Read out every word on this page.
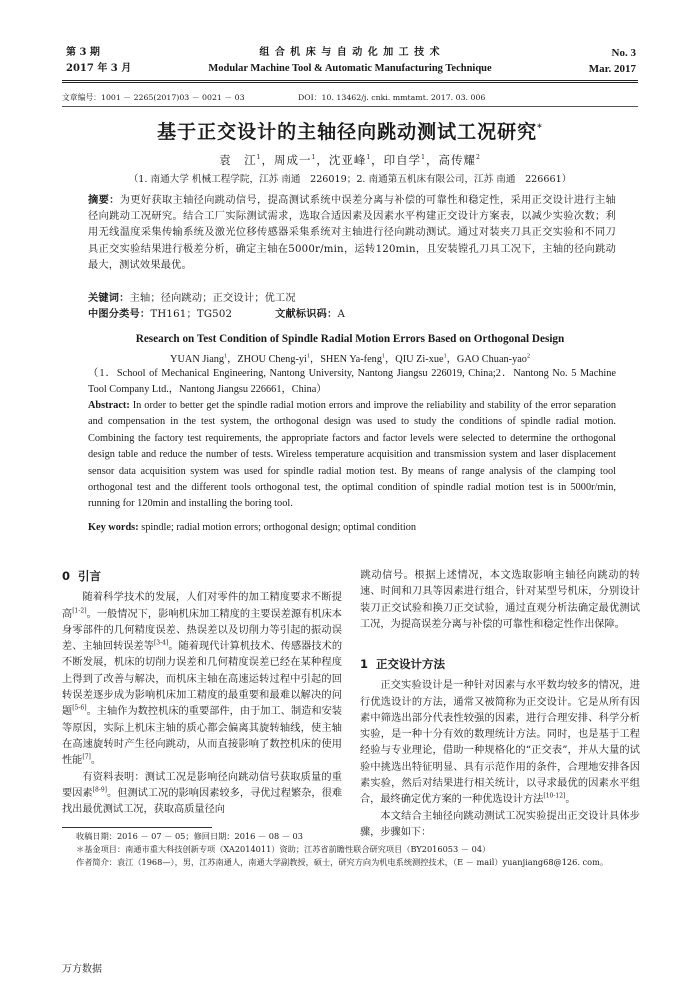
第 3 期
2017 年 3 月
组 合 机 床 与 自 动 化 加 工 技 术
Modular Machine Tool & Automatic Manufacturing Technique
No. 3
Mar. 2017
文章编号：1001 － 2265(2017)03 － 0021 － 03	DOI：10. 13462/j. cnki. mmtamt. 2017. 03. 006
基于正交设计的主轴径向跳动测试工况研究*
袁　江$^1$，周成一$^1$，沈亚峰$^1$，印自学$^1$，高传耀$^2$
（1. 南通大学 机械工程学院，江苏 南通　226019；2. 南通第五机床有限公司，江苏 南通　226661）
摘要：为更好获取主轴径向跳动信号，提高测试系统中误差分离与补偿的可靠性和稳定性，采用正交设计进行主轴径向跳动工况研究。结合工厂实际测试需求，选取合适因素及因素水平构建正交设计方案表，以减少实验次数；利用无线温度采集传输系统及激光位移传感器采集系统对主轴进行径向跳动测试。通过对装夹刀具正交实验和不同刀具正交实验结果进行极差分析，确定主轴在5000r/min，运转120min，且安装镗孔刀具工况下，主轴的径向跳动最大，测试效果最优。
关键词：主轴；径向跳动；正交设计；优工况
中图分类号：TH161；TG502	文献标识码：A
Research on Test Condition of Spindle Radial Motion Errors Based on Orthogonal Design
YUAN Jiang$^1$，ZHOU Cheng-$yi^1$，SHEN Ya-feng$^1$，QIU Zi-xue$^1$，GAO Chuan-yao$^2$
（1．School of Mechanical Engineering, Nantong University, Nantong Jiangsu 226019, China;2．Nantong No. 5 Machine Tool Company Ltd.，Nantong Jiangsu 226661，China）
Abstract: In order to better get the spindle radial motion errors and improve the reliability and stability of the error separation and compensation in the test system, the orthogonal design was used to study the conditions of spindle radial motion. Combining the factory test requirements, the appropriate factors and factor levels were selected to determine the orthogonal design table and reduce the number of tests. Wireless temperature acquisition and transmission system and laser displacement sensor data acquisition system was used for spindle radial motion test. By means of range analysis of the clamping tool orthogonal test and the different tools orthogonal test, the optimal condition of spindle radial motion test is in 5000r/min, running for 120min and installing the boring tool.
Key words: spindle; radial motion errors; orthogonal design; optimal condition
0 引言

随着科学技术的发展，人们对零件的加工精度要求不断提高[1-2]。一般情况下，影响机床加工精度的主要误差源有机床本身零部件的几何精度误差、热误差以及切削力等引起的振动误差、主轴回转误差等[3-4]。随着现代计算机技术、传感器技术的不断发展，机床的切削力误差和几何精度误差已经在某种程度上得到了改善与解决，而机床主轴在高速运转过程中引起的回转误差逐步成为影响机床加工精度的最重要和最难以解决的问题[5-6]。主轴作为数控机床的重要部件，由于加工、制造和安装等原因，实际上机床主轴的质心都会偏离其旋转轴线，使主轴在高速旋转时产生径向跳动，从而直接影响了数控机床的使用性能[7]。

有资料表明：测试工况是影响径向跳动信号获取质量的重要因素[8-9]。但测试工况的影响因素较多，寻优过程繁杂，很难找出最优测试工况，获取高质量径向

跳动信号。根据上述情况，本文选取影响主轴径向跳动的转速、时间和刀具等因素进行组合，针对某型号机床，分别设计装刀正交试验和换刀正交试验，通过直观分析法确定最优测试工况，为提高误差分离与补偿的可靠性和稳定性作出保障。
1 正交设计方法

正交实验设计是一种针对因素与水平数均较多的情况，进行优选设计的方法，通常又被简称为正交设计。它是从所有因素中筛选出部分代表性较强的因素，进行合理安排、科学分析实验，是一种十分有效的数理统计方法。同时，也是基于工程经验与专业理论，借助一种规格化的“正交表”，并从大量的试验中挑选出特征明显、具有示范作用的条件，合理地安排各因素实验，然后对结果进行相关统计，以寻求最优的因素水平组合，最终确定优方案的一种优选设计方法[10-12]。

本文结合主轴径向跳动测试工况实验提出正交设计具体步骤，步骤如下：

收稿日期：2016 － 07 － 05；修回日期：2016 － 08 － 03
＊基金项目：南通市重大科技创新专项（XA2014011）资助；江苏省前瞻性联合研究项目（BY2016053 － 04）
作者简介：袁江（1968—），男，江苏南通人，南通大学副教授，硕士，研究方向为机电系统测控技术，（E － mail）yuanjiang68@126. com。
万方数据
